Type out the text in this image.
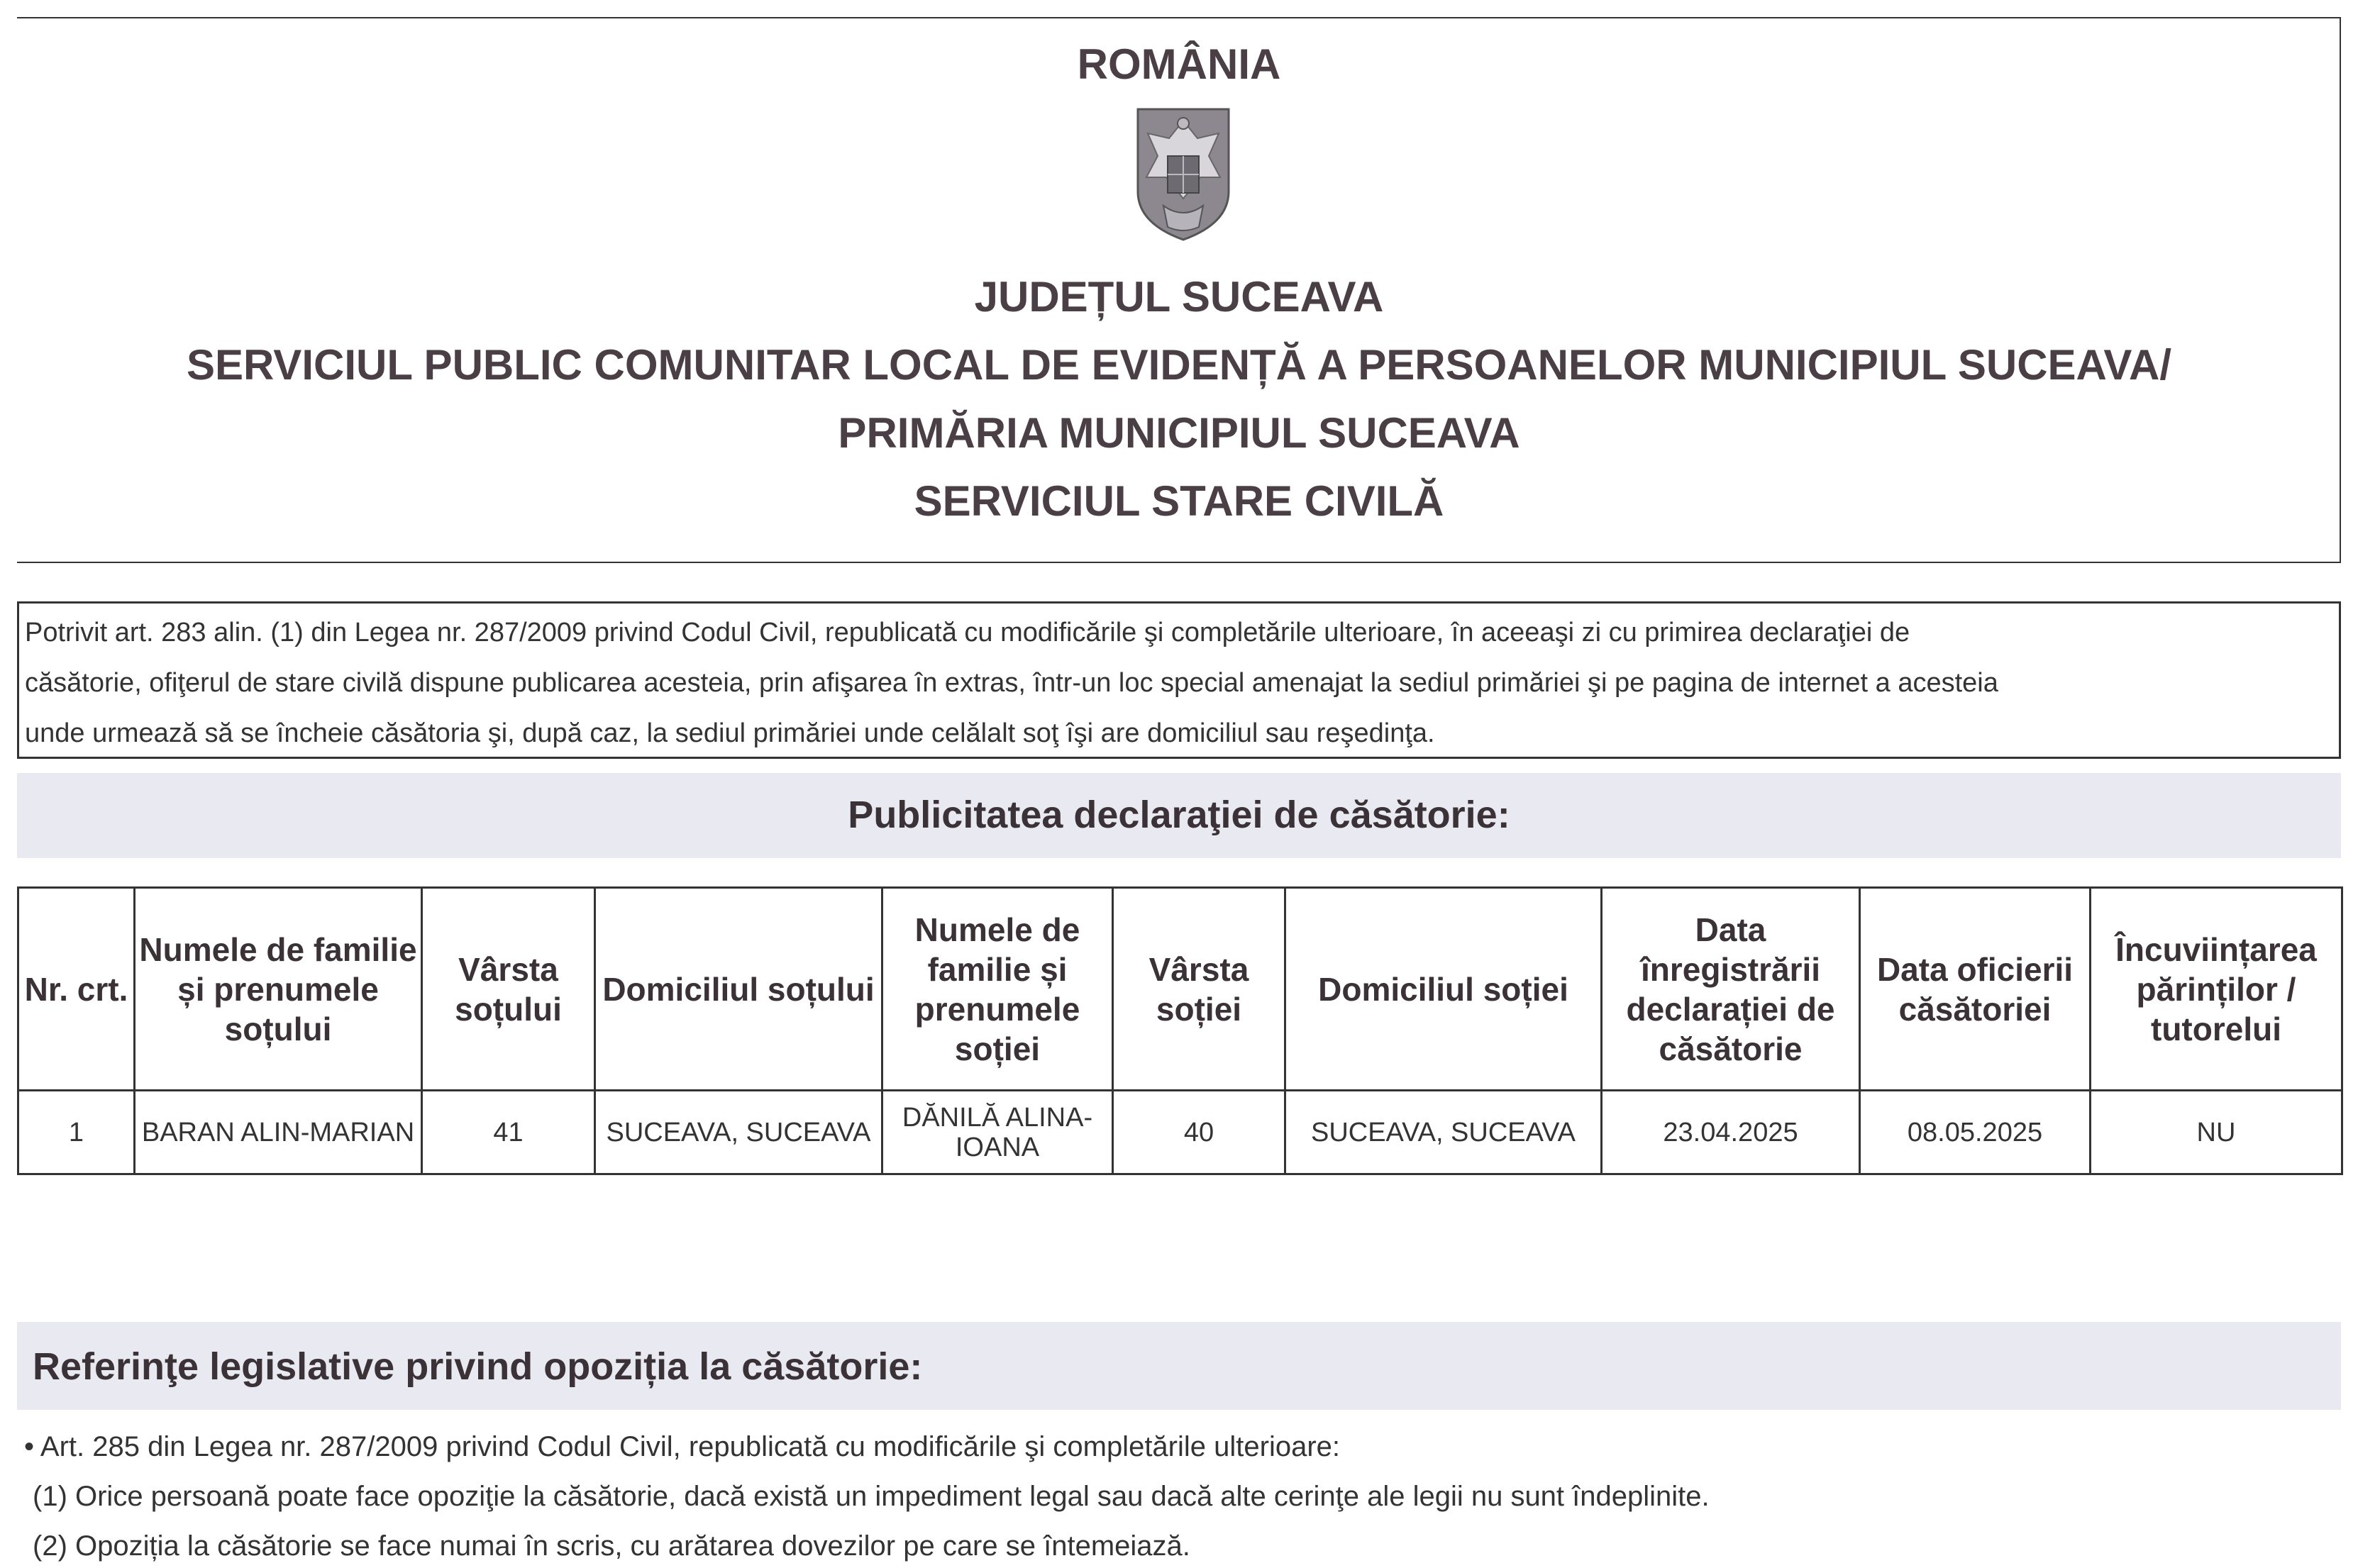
ROMÂNIA
JUDEȚUL SUCEAVA
SERVICIUL PUBLIC COMUNITAR LOCAL DE EVIDENȚĂ A PERSOANELOR MUNICIPIUL SUCEAVA/
PRIMĂRIA MUNICIPIUL SUCEAVA
SERVICIUL STARE CIVILĂ
Potrivit art. 283 alin. (1) din Legea nr. 287/2009 privind Codul Civil, republicată cu modificările şi completările ulterioare, în aceeaşi zi cu primirea declaraţiei de
căsătorie, ofiţerul de stare civilă dispune publicarea acesteia, prin afişarea în extras, într-un loc special amenajat la sediul primăriei şi pe pagina de internet a acesteia
unde urmează să se încheie căsătoria şi, după caz, la sediul primăriei unde celălalt soţ îşi are domiciliul sau reşedinţa.
Publicitatea declaraţiei de căsătorie:
Nr. crt.	Numele de familie și prenumele soțului	Vârsta soțului	Domiciliul soțului	Numele de familie și prenumele soției	Vârsta soției	Domiciliul soției	Data înregistrării declarației de căsătorie	Data oficierii căsătoriei	Încuviințarea părinților / tutorelui
1	BARAN ALIN-MARIAN	41	SUCEAVA, SUCEAVA	DĂNILĂ ALINA-IOANA	40	SUCEAVA, SUCEAVA	23.04.2025	08.05.2025	NU
Referinţe legislative privind opoziția la căsătorie:
• Art. 285 din Legea nr. 287/2009 privind Codul Civil, republicată cu modificările şi completările ulterioare:
(1) Orice persoană poate face opoziţie la căsătorie, dacă există un impediment legal sau dacă alte cerinţe ale legii nu sunt îndeplinite.
(2) Opoziția la căsătorie se face numai în scris, cu arătarea dovezilor pe care se întemeiază.
